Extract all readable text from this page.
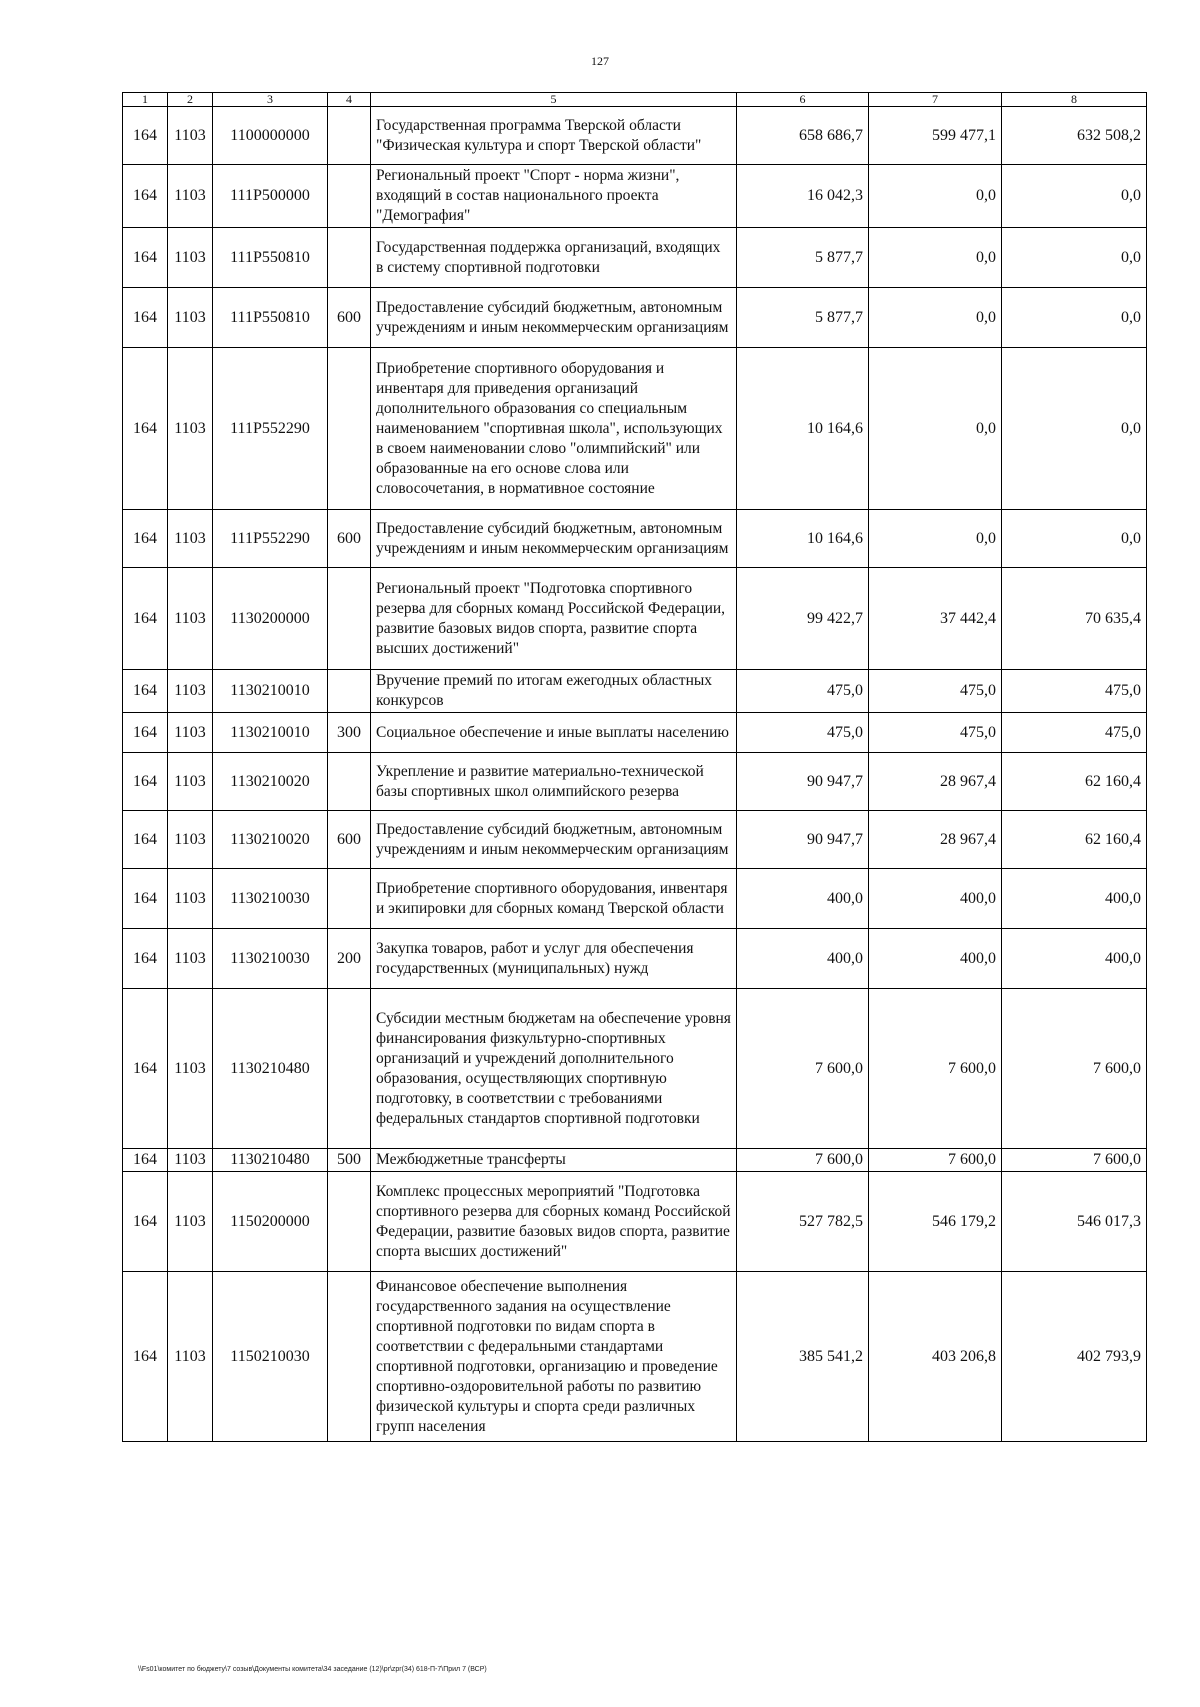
127
1	2	3	4	5	6	7	8
164	1103	1100000000		Государственная программа Тверской области "Физическая культура и спорт Тверской области"	658 686,7	599 477,1	632 508,2
164	1103	111P500000		Региональный проект "Спорт - норма жизни", входящий в состав национального проекта "Демография"	16 042,3	0,0	0,0
164	1103	111P550810		Государственная поддержка организаций, входящих в систему спортивной подготовки	5 877,7	0,0	0,0
164	1103	111P550810	600	Предоставление субсидий бюджетным, автономным учреждениям и иным некоммерческим организациям	5 877,7	0,0	0,0
164	1103	111P552290		Приобретение спортивного оборудования и инвентаря для приведения организаций дополнительного образования со специальным наименованием "спортивная школа", использующих в своем наименовании слово "олимпийский" или образованные на его основе слова или словосочетания, в нормативное состояние	10 164,6	0,0	0,0
164	1103	111P552290	600	Предоставление субсидий бюджетным, автономным учреждениям и иным некоммерческим организациям	10 164,6	0,0	0,0
164	1103	1130200000		Региональный проект "Подготовка спортивного резерва для сборных команд Российской Федерации, развитие базовых видов спорта, развитие спорта высших достижений"	99 422,7	37 442,4	70 635,4
164	1103	1130210010		Вручение премий по итогам ежегодных областных конкурсов	475,0	475,0	475,0
164	1103	1130210010	300	Социальное обеспечение и иные выплаты населению	475,0	475,0	475,0
164	1103	1130210020		Укрепление и развитие материально-технической базы спортивных школ олимпийского резерва	90 947,7	28 967,4	62 160,4
164	1103	1130210020	600	Предоставление субсидий бюджетным, автономным учреждениям и иным некоммерческим организациям	90 947,7	28 967,4	62 160,4
164	1103	1130210030		Приобретение спортивного оборудования, инвентаря и экипировки для сборных команд Тверской области	400,0	400,0	400,0
164	1103	1130210030	200	Закупка товаров, работ и услуг для обеспечения государственных (муниципальных) нужд	400,0	400,0	400,0
164	1103	1130210480		Субсидии местным бюджетам на обеспечение уровня финансирования физкультурно-спортивных организаций и учреждений дополнительного образования, осуществляющих спортивную подготовку, в соответствии с требованиями федеральных стандартов спортивной подготовки	7 600,0	7 600,0	7 600,0
164	1103	1130210480	500	Межбюджетные трансферты	7 600,0	7 600,0	7 600,0
164	1103	1150200000		Комплекс процессных мероприятий "Подготовка спортивного резерва для сборных команд Российской Федерации, развитие базовых видов спорта, развитие спорта высших достижений"	527 782,5	546 179,2	546 017,3
164	1103	1150210030		Финансовое обеспечение выполнения государственного задания на осуществление спортивной подготовки по видам спорта в соответствии с федеральными стандартами спортивной подготовки, организацию и проведение спортивно-оздоровительной работы по развитию физической культуры и спорта среди различных групп населения	385 541,2	403 206,8	402 793,9
\\Fs01\комитет по бюджету\7 созыв\Документы комитета\34 заседание (12)\pr\zpr(34) 618-П-7\Прил 7 (ВСР)
